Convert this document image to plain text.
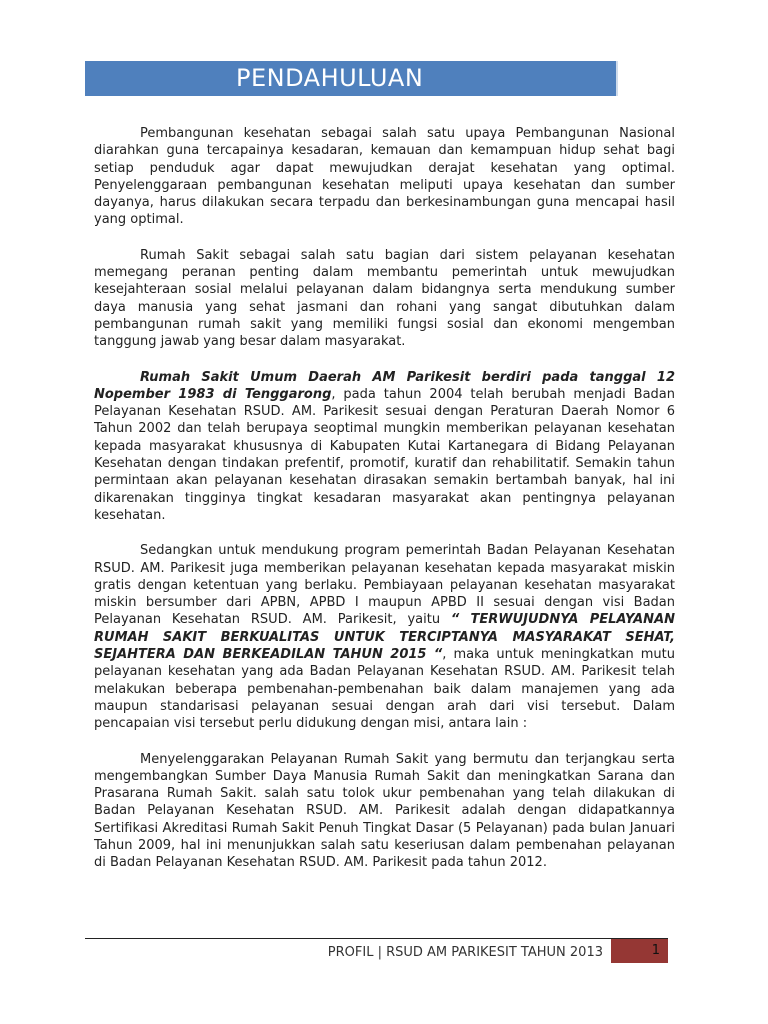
PENDAHULUAN

Pembangunan kesehatan sebagai salah satu upaya Pembangunan Nasional diarahkan guna tercapainya kesadaran, kemauan dan kemampuan hidup sehat bagi setiap penduduk agar dapat mewujudkan derajat kesehatan yang optimal. Penyelenggaraan pembangunan kesehatan meliputi upaya kesehatan dan sumber dayanya, harus dilakukan secara terpadu dan berkesinambungan guna mencapai hasil yang optimal.

Rumah Sakit sebagai salah satu bagian dari sistem pelayanan kesehatan memegang peranan penting dalam membantu pemerintah untuk mewujudkan kesejahteraan sosial melalui pelayanan dalam bidangnya serta mendukung sumber daya manusia yang sehat jasmani dan rohani yang sangat dibutuhkan dalam pembangunan rumah sakit yang memiliki fungsi sosial dan ekonomi mengemban tanggung jawab yang besar dalam masyarakat.

Rumah Sakit Umum Daerah AM Parikesit berdiri pada tanggal 12 Nopember 1983 di Tenggarong, pada tahun 2004 telah berubah menjadi Badan Pelayanan Kesehatan RSUD. AM. Parikesit sesuai dengan Peraturan Daerah Nomor 6 Tahun 2002 dan telah berupaya seoptimal mungkin memberikan pelayanan kesehatan kepada masyarakat khususnya di Kabupaten Kutai Kartanegara di Bidang Pelayanan Kesehatan dengan tindakan prefentif, promotif, kuratif dan rehabilitatif. Semakin tahun permintaan akan pelayanan kesehatan dirasakan semakin bertambah banyak, hal ini dikarenakan tingginya tingkat kesadaran masyarakat akan pentingnya pelayanan kesehatan.

Sedangkan untuk mendukung program pemerintah Badan Pelayanan Kesehatan RSUD. AM. Parikesit juga memberikan pelayanan kesehatan kepada masyarakat miskin gratis dengan ketentuan yang berlaku. Pembiayaan pelayanan kesehatan masyarakat miskin bersumber dari APBN, APBD I maupun APBD II sesuai dengan visi Badan Pelayanan Kesehatan RSUD. AM. Parikesit, yaitu “ TERWUJUDNYA PELAYANAN RUMAH SAKIT BERKUALITAS UNTUK TERCIPTANYA MASYARAKAT SEHAT, SEJAHTERA DAN BERKEADILAN TAHUN 2015 “, maka untuk meningkatkan mutu pelayanan kesehatan yang ada Badan Pelayanan Kesehatan RSUD. AM. Parikesit telah melakukan beberapa pembenahan-pembenahan baik dalam manajemen yang ada maupun standarisasi pelayanan sesuai dengan arah dari visi tersebut. Dalam pencapaian visi tersebut perlu didukung dengan misi, antara lain :

Menyelenggarakan Pelayanan Rumah Sakit yang bermutu dan terjangkau serta mengembangkan Sumber Daya Manusia Rumah Sakit dan meningkatkan Sarana dan Prasarana Rumah Sakit. salah satu tolok ukur pembenahan yang telah dilakukan di Badan Pelayanan Kesehatan RSUD. AM. Parikesit adalah dengan didapatkannya Sertifikasi Akreditasi Rumah Sakit Penuh Tingkat Dasar (5 Pelayanan) pada bulan Januari Tahun 2009, hal ini menunjukkan salah satu keseriusan dalam pembenahan pelayanan di Badan Pelayanan Kesehatan RSUD. AM. Parikesit pada tahun 2012.

PROFIL | RSUD AM PARIKESIT TAHUN 2013	1
